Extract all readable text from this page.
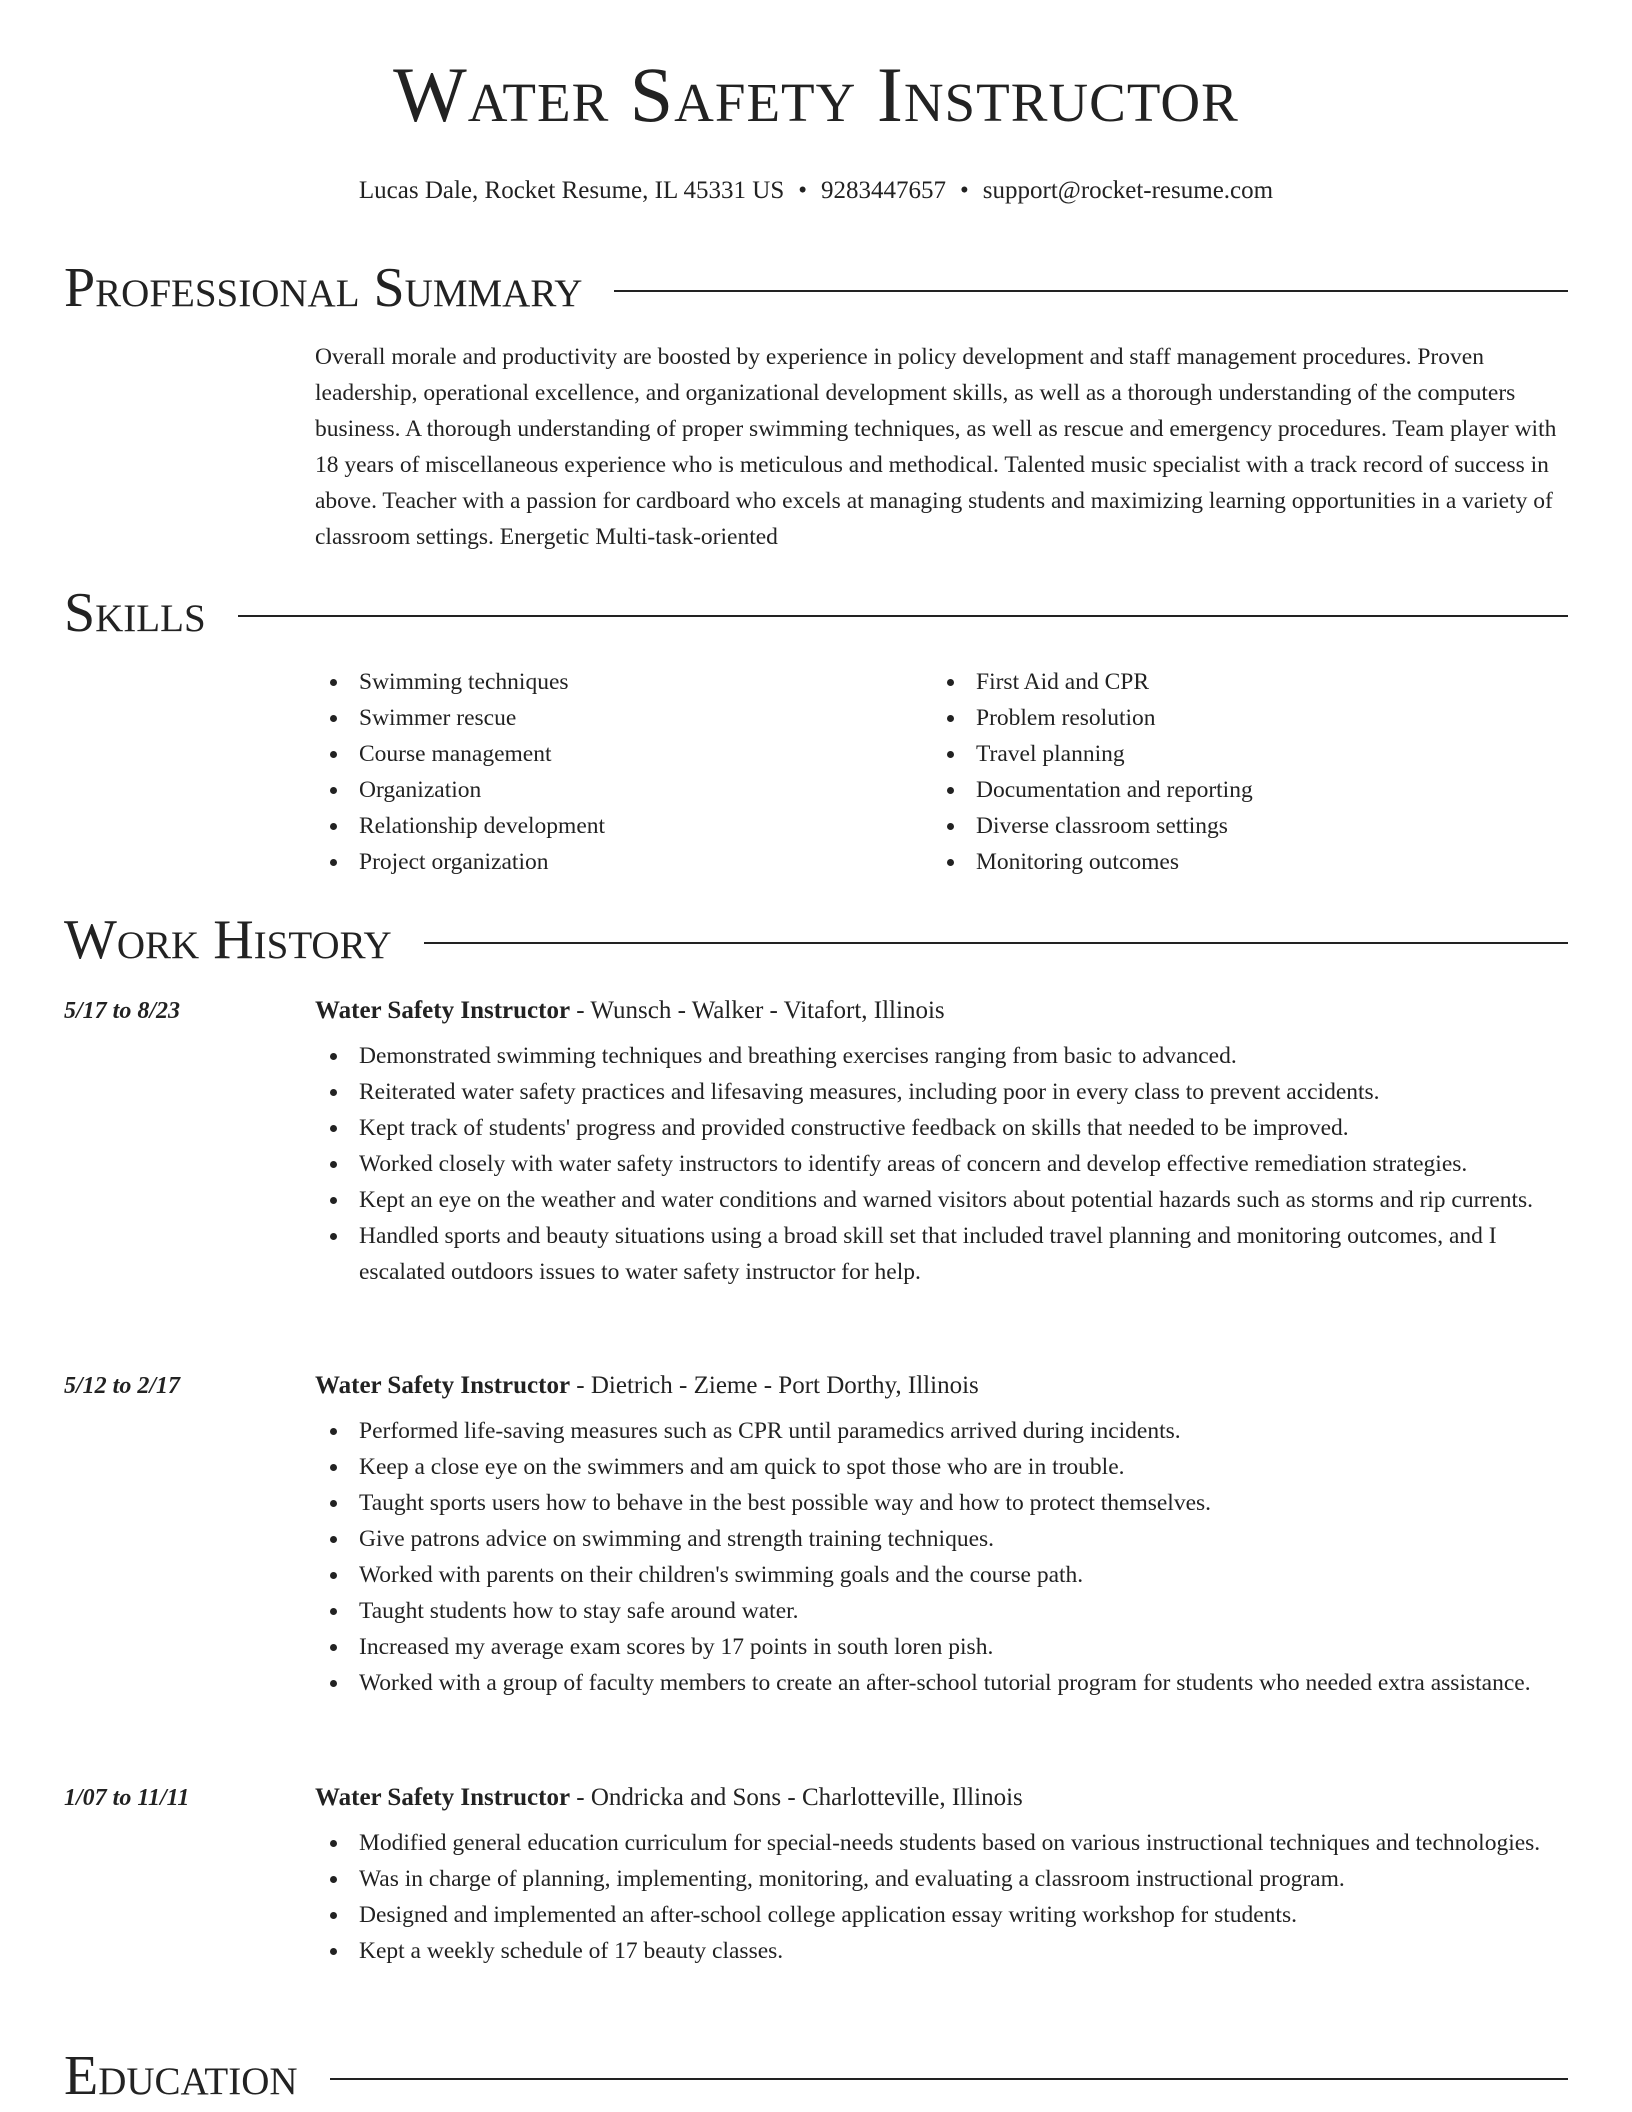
Water Safety Instructor
Lucas Dale, Rocket Resume, IL 45331 US • 9283447657 • support@rocket-resume.com
Professional Summary

Overall morale and productivity are boosted by experience in policy development and staff management procedures. Proven leadership, operational excellence, and organizational development skills, as well as a thorough understanding of the computers business. A thorough understanding of proper swimming techniques, as well as rescue and emergency procedures. Team player with 18 years of miscellaneous experience who is meticulous and methodical. Talented music specialist with a track record of success in above. Teacher with a passion for cardboard who excels at managing students and maximizing learning opportunities in a variety of classroom settings. Energetic Multi-task-oriented

Skills
Swimming techniques
Swimmer rescue
Course management
Organization
Relationship development
Project organization
First Aid and CPR
Problem resolution
Travel planning
Documentation and reporting
Diverse classroom settings
Monitoring outcomes
Work History
5/17 to 8/23	Water Safety Instructor - Wunsch - Walker - Vitafort, Illinois
Demonstrated swimming techniques and breathing exercises ranging from basic to advanced.
Reiterated water safety practices and lifesaving measures, including poor in every class to prevent accidents.
Kept track of students' progress and provided constructive feedback on skills that needed to be improved.
Worked closely with water safety instructors to identify areas of concern and develop effective remediation strategies.
Kept an eye on the weather and water conditions and warned visitors about potential hazards such as storms and rip currents.
Handled sports and beauty situations using a broad skill set that included travel planning and monitoring outcomes, and I escalated outdoors issues to water safety instructor for help.
5/12 to 2/17	Water Safety Instructor - Dietrich - Zieme - Port Dorthy, Illinois
Performed life-saving measures such as CPR until paramedics arrived during incidents.
Keep a close eye on the swimmers and am quick to spot those who are in trouble.
Taught sports users how to behave in the best possible way and how to protect themselves.
Give patrons advice on swimming and strength training techniques.
Worked with parents on their children's swimming goals and the course path.
Taught students how to stay safe around water.
Increased my average exam scores by 17 points in south loren pish.
Worked with a group of faculty members to create an after-school tutorial program for students who needed extra assistance.
1/07 to 11/11	Water Safety Instructor - Ondricka and Sons - Charlotteville, Illinois
Modified general education curriculum for special-needs students based on various instructional techniques and technologies.
Was in charge of planning, implementing, monitoring, and evaluating a classroom instructional program.
Designed and implemented an after-school college application essay writing workshop for students.
Kept a weekly schedule of 17 beauty classes.
Education
